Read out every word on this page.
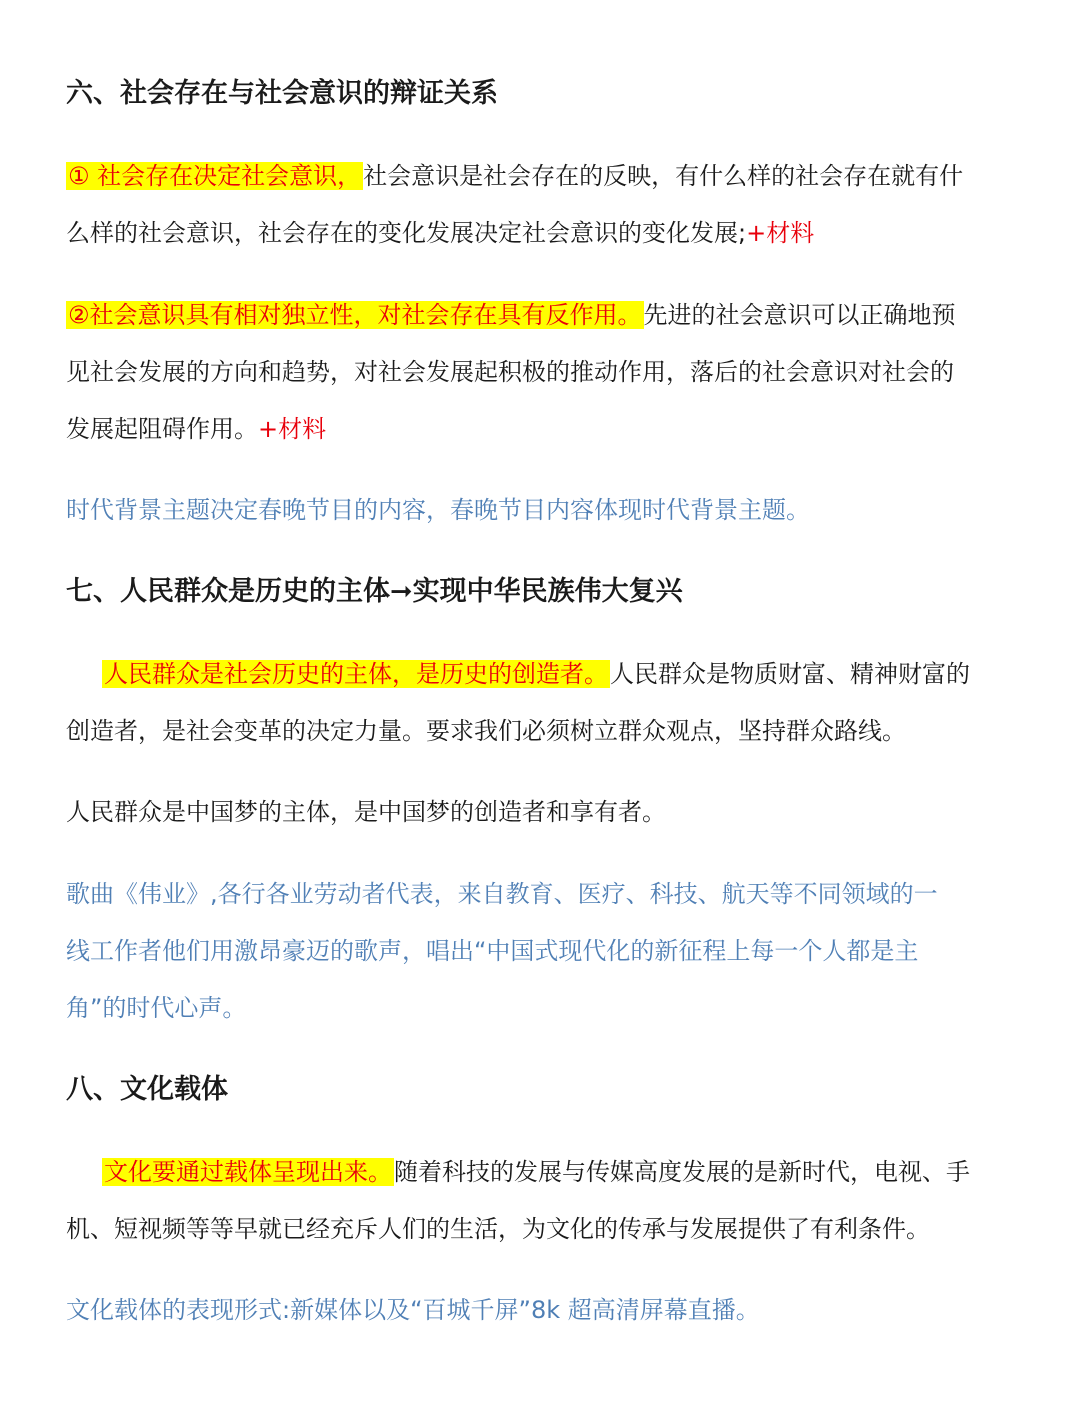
六、社会存在与社会意识的辩证关系
① 社会存在决定社会意识，社会意识是社会存在的反映，有什么样的社会存在就有什
么样的社会意识，社会存在的变化发展决定社会意识的变化发展;+材料
②社会意识具有相对独立性，对社会存在具有反作用。先进的社会意识可以正确地预
见社会发展的方向和趋势，对社会发展起积极的推动作用，落后的社会意识对社会的
发展起阻碍作用。+材料
时代背景主题决定春晚节目的内容，春晚节目内容体现时代背景主题。
七、人民群众是历史的主体➞实现中华民族伟大复兴
人民群众是社会历史的主体，是历史的创造者。人民群众是物质财富、精神财富的
创造者，是社会变革的决定力量。要求我们必须树立群众观点，坚持群众路线。
人民群众是中国梦的主体，是中国梦的创造者和享有者。
歌曲《伟业》,各行各业劳动者代表，来自教育、医疗、科技、航天等不同领域的一
线工作者他们用激昂豪迈的歌声，唱出“中国式现代化的新征程上每一个人都是主
角”的时代心声。
八、文化载体
文化要通过载体呈现出来。随着科技的发展与传媒高度发展的是新时代，电视、手
机、短视频等等早就已经充斥人们的生活，为文化的传承与发展提供了有利条件。
文化载体的表现形式:新媒体以及“百城千屏”8k 超高清屏幕直播。
